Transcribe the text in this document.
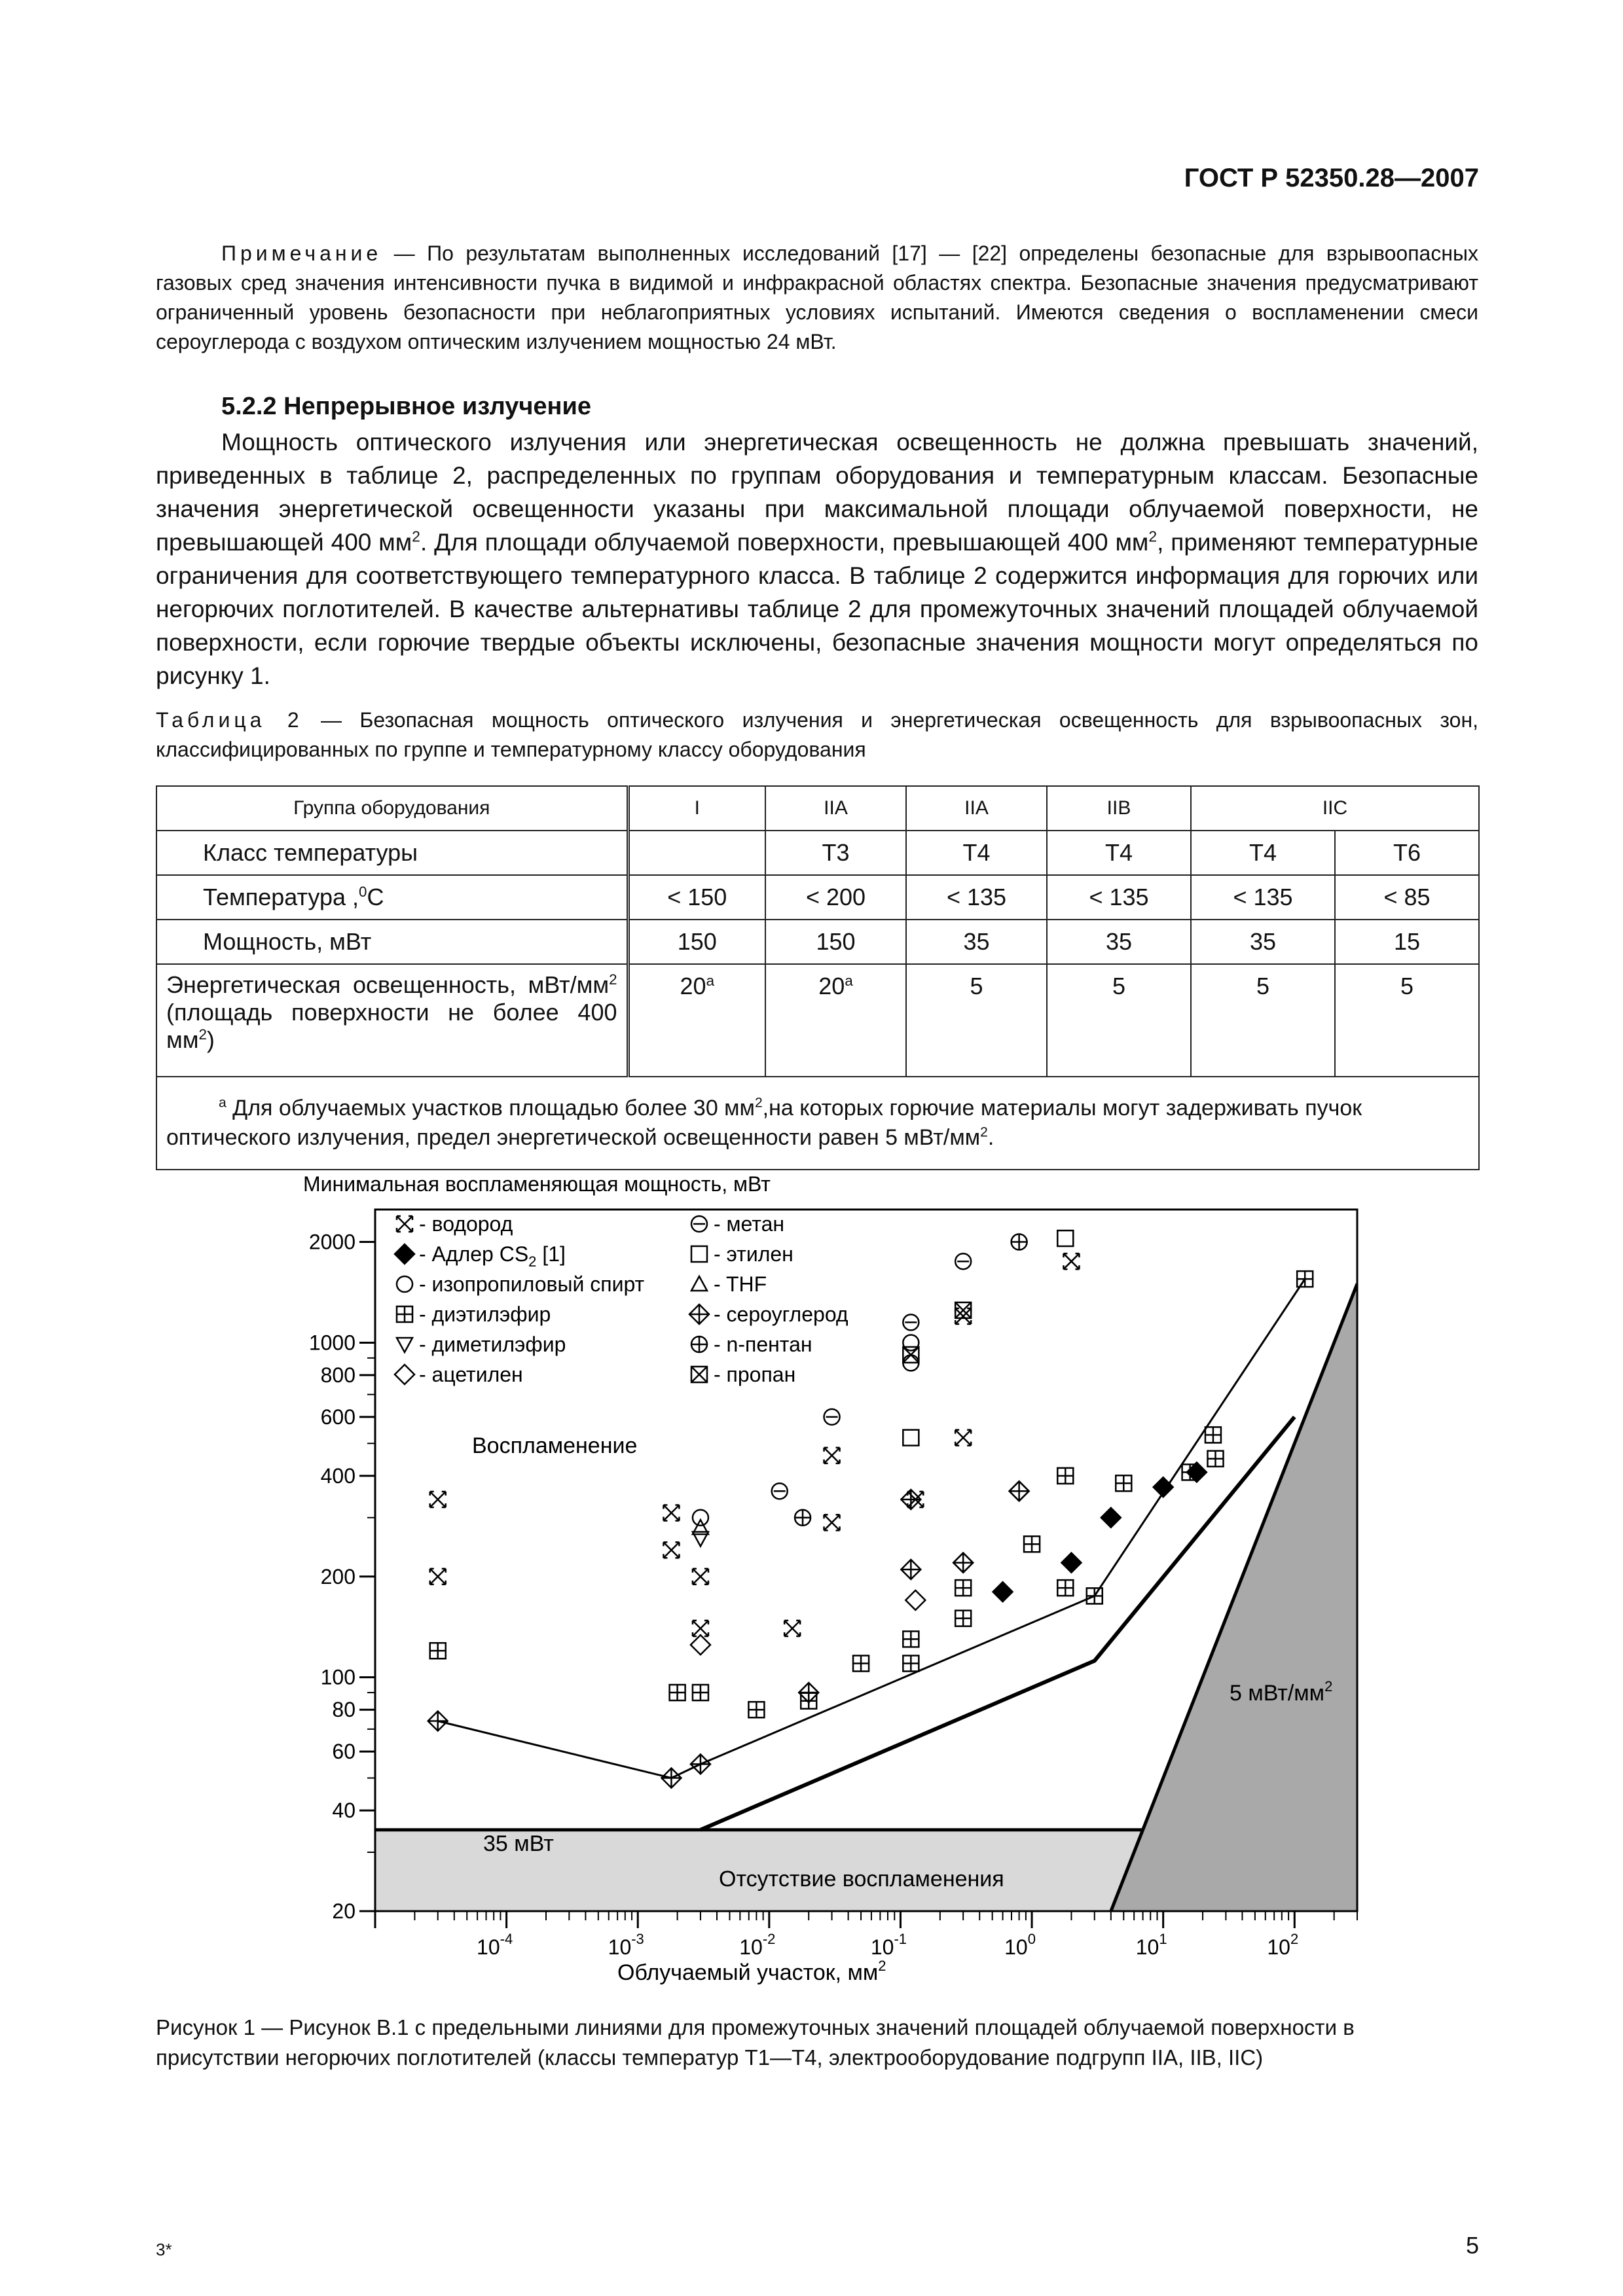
ГОСТ Р 52350.28—2007
Примечание — По результатам выполненных исследований [17] — [22] определены безопасные для взрывоопасных газовых сред значения интенсивности пучка в видимой и инфракрасной областях спектра. Безопасные значения предусматривают ограниченный уровень безопасности при неблагоприятных условиях испытаний. Имеются сведения о воспламенении смеси сероуглерода с воздухом оптическим излучением мощностью 24 мВт.
5.2.2 Непрерывное излучение
Мощность оптического излучения или энергетическая освещенность не должна превышать значений, приведенных в таблице 2, распределенных по группам оборудования и температурным классам. Безопасные значения энергетической освещенности указаны при максимальной площади облучаемой поверхности, не превышающей 400 $мм^2$. Для площади облучаемой поверхности, превышающей 400 $мм^2$, применяют температурные ограничения для соответствующего температурного класса. В таблице 2 содержится информация для горючих или негорючих поглотителей. В качестве альтернативы таблице 2 для промежуточных значений площадей облучаемой поверхности, если горючие твердые объекты исключены, безопасные значения мощности могут определяться по рисунку 1.
Таблица 2 — Безопасная мощность оптического излучения и энергетическая освещенность для взрывоопасных зон, классифицированных по группе и температурному классу оборудования
Группа оборудования	I	IIA	IIA	IIB	IIC	
Класс температуры		Т3	Т4	Т4	Т4	Т6
Температура ,$^0$С	< 150	< 200	< 135	< 135	< 135	< 85
Мощность, мВт	150	150	35	35	35	15
Энергетическая освещенность, мВт/$мм^2$ (площадь поверхности не более 400 $мм^2$)	$20^а$	$20^а$	5	5	5	5
$^а$ Для облучаемых участков площадью более 30 $мм^2,на$ которых горючие материалы могут задерживать пучок оптического излучения, предел энергетической освещенности равен 5 мВт/$мм^2$.						
Минимальная воспламеняющая мощность, мВт
2000
1000
800
600
400
200
100
80
60
40
20
$10^{-4}$	$10^{-3}$	$10^{-2}$	$10^{-1}$	$10^0$	$10^1$	$10^2$
- водород
- Адлер $CS_2$ [1]
- изопропиловый спирт
- диэтилэфир
- диметилэфир
- ацетилен
- метан
- этилен
- THF
- сероуглерод
- n-пентан
- пропан
Воспламенение
Отсутствие воспламенения
35 мВт
5 мВт/$мм^2$
Облучаемый участок, $мм^2$
Рисунок 1 — Рисунок В.1 с предельными линиями для промежуточных значений площадей облучаемой поверхности в присутствии негорючих поглотителей (классы температур Т1—Т4, электрооборудование подгрупп IIA, IIB, IIC)
3*	5
